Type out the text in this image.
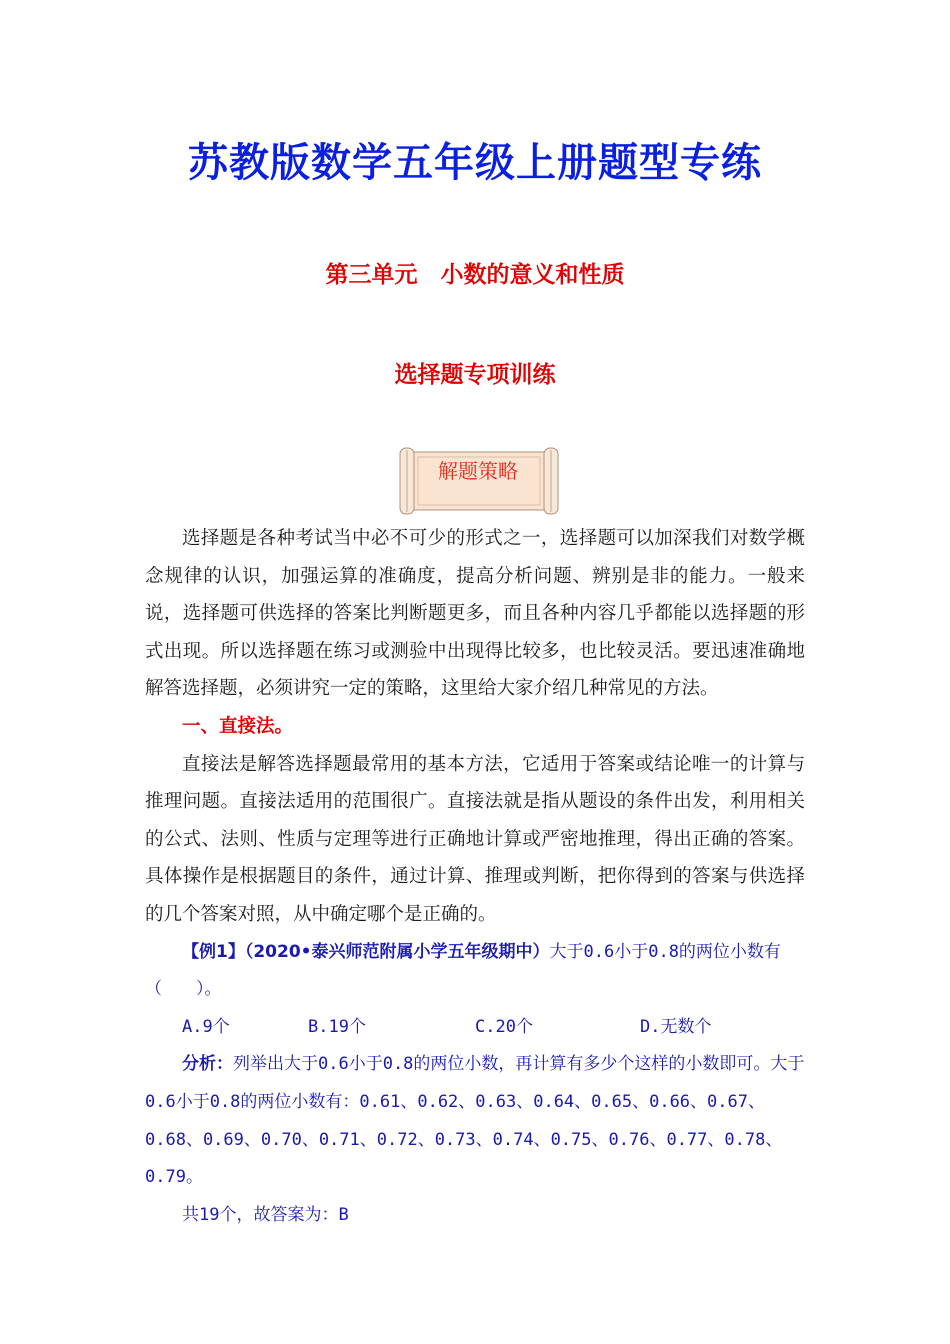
苏教版数学五年级上册题型专练
第三单元　小数的意义和性质
选择题专项训练
解题策略

选择题是各种考试当中必不可少的形式之一，选择题可以加深我们对数学概念规律的认识，加强运算的准确度，提高分析问题、辨别是非的能力。一般来说，选择题可供选择的答案比判断题更多，而且各种内容几乎都能以选择题的形式出现。所以选择题在练习或测验中出现得比较多，也比较灵活。要迅速准确地解答选择题，必须讲究一定的策略，这里给大家介绍几种常见的方法。

一、直接法。

直接法是解答选择题最常用的基本方法，它适用于答案或结论唯一的计算与推理问题。直接法适用的范围很广。直接法就是指从题设的条件出发，利用相关的公式、法则、性质与定理等进行正确地计算或严密地推理，得出正确的答案。具体操作是根据题目的条件，通过计算、推理或判断，把你得到的答案与供选择的几个答案对照，从中确定哪个是正确的。

【例1】（2020•泰兴师范附属小学五年级期中）大于0.6小于0.8的两位小数有（　　）。

A.9个	B.19个	C.20个	D.无数个

分析：列举出大于0.6小于0.8的两位小数，再计算有多少个这样的小数即可。大于0.6小于0.8的两位小数有：0.61、0.62、0.63、0.64、0.65、0.66、0.67、0.68、0.69、0.70、0.71、0.72、0.73、0.74、0.75、0.76、0.77、0.78、0.79。

共19个，故答案为：B
